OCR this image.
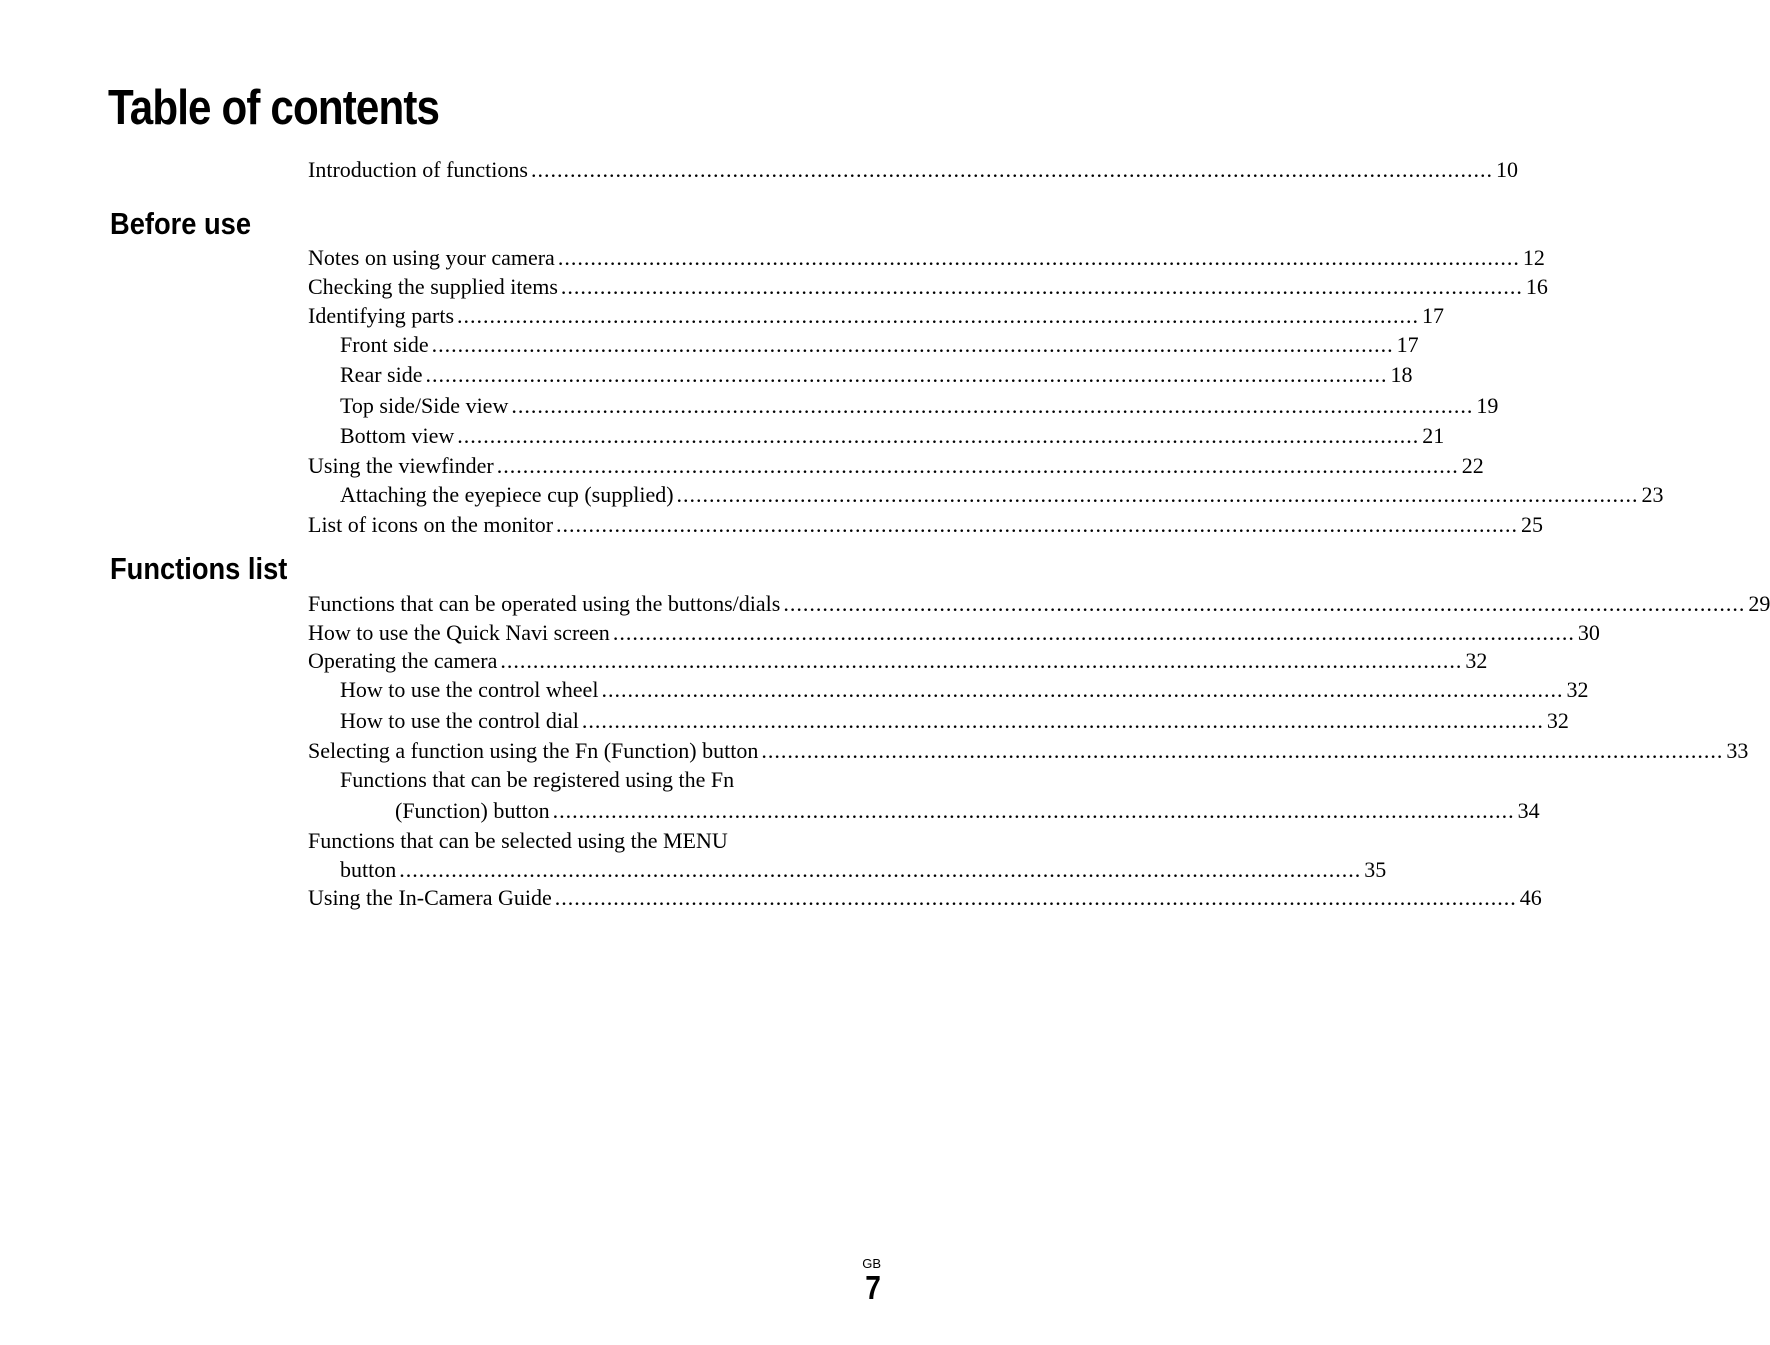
Table of contents
Before use
Functions list
Introduction of functions .................................................................................................................................................... 10
Notes on using your camera .................................................................................................................................................... 12
Checking the supplied items .................................................................................................................................................... 16
Identifying parts .................................................................................................................................................... 17
Front side .................................................................................................................................................... 17
Rear side .................................................................................................................................................... 18
Top side/Side view .................................................................................................................................................... 19
Bottom view .................................................................................................................................................... 21
Using the viewfinder .................................................................................................................................................... 22
Attaching the eyepiece cup (supplied) .................................................................................................................................................... 23
List of icons on the monitor .................................................................................................................................................... 25
Functions that can be operated using the buttons/dials .................................................................................................................................................... 29
How to use the Quick Navi screen .................................................................................................................................................... 30
Operating the camera .................................................................................................................................................... 32
How to use the control wheel .................................................................................................................................................... 32
How to use the control dial .................................................................................................................................................... 32
Selecting a function using the Fn (Function) button .................................................................................................................................................... 33
Functions that can be registered using the Fn
(Function) button .................................................................................................................................................... 34
Functions that can be selected using the MENU
button .................................................................................................................................................... 35
Using the In-Camera Guide .................................................................................................................................................... 46
GB
7
